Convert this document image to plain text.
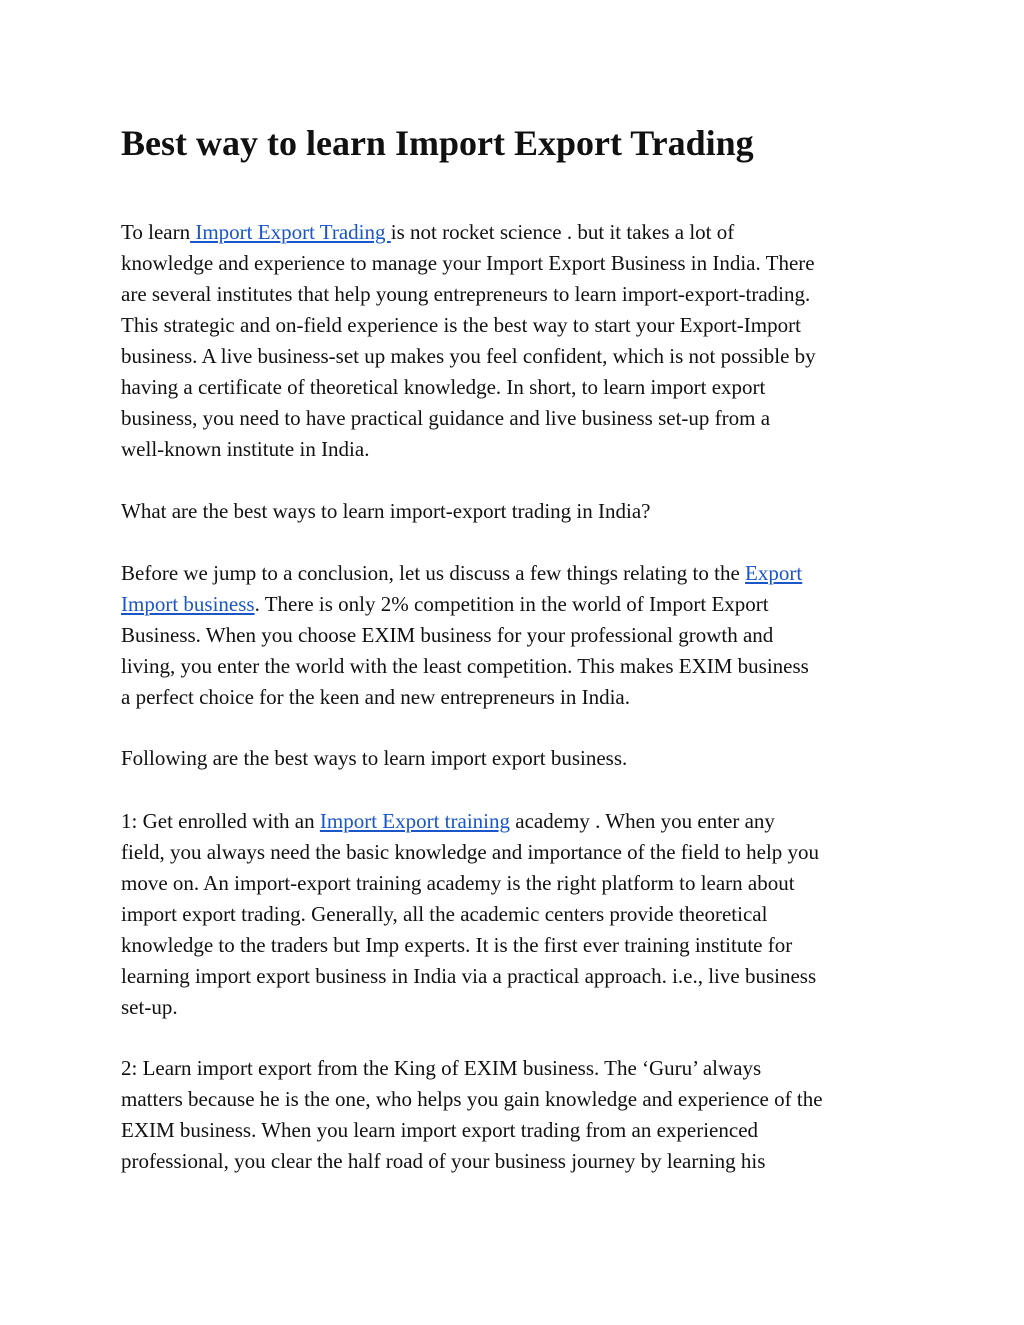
Best way to learn Import Export Trading

To learn Import Export Trading is not rocket science . but it takes a lot of
knowledge and experience to manage your Import Export Business in India. There
are several institutes that help young entrepreneurs to learn import-export-trading.
This strategic and on-field experience is the best way to start your Export-Import
business. A live business-set up makes you feel confident, which is not possible by
having a certificate of theoretical knowledge. In short, to learn import export
business, you need to have practical guidance and live business set-up from a
well-known institute in India.

What are the best ways to learn import-export trading in India?

Before we jump to a conclusion, let us discuss a few things relating to the Export
Import business. There is only 2% competition in the world of Import Export
Business. When you choose EXIM business for your professional growth and
living, you enter the world with the least competition. This makes EXIM business
a perfect choice for the keen and new entrepreneurs in India.

Following are the best ways to learn import export business.

1: Get enrolled with an Import Export training academy . When you enter any
field, you always need the basic knowledge and importance of the field to help you
move on. An import-export training academy is the right platform to learn about
import export trading. Generally, all the academic centers provide theoretical
knowledge to the traders but Imp experts. It is the first ever training institute for
learning import export business in India via a practical approach. i.e., live business
set-up.

2: Learn import export from the King of EXIM business. The ‘Guru’ always
matters because he is the one, who helps you gain knowledge and experience of the
EXIM business. When you learn import export trading from an experienced
professional, you clear the half road of your business journey by learning his
